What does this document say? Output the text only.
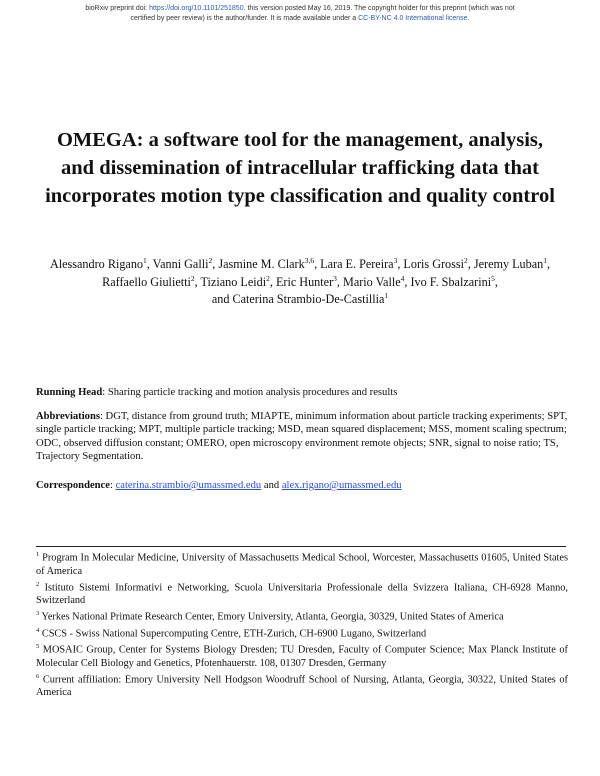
bioRxiv preprint doi: https://doi.org/10.1101/251850. this version posted May 16, 2019. The copyright holder for this preprint (which was not
certified by peer review) is the author/funder. It is made available under a CC-BY-NC 4.0 International license.
OMEGA: a software tool for the management, analysis, and dissemination of intracellular trafficking data that incorporates motion type classification and quality control
Alessandro Rigano$^1$, Vanni Galli$^2$, Jasmine M. Clark$^{3,6}$, Lara E. Pereira$^3$, Loris Grossi$^2$, Jeremy Luban$^1$, Raffaello Giulietti$^2$, Tiziano Leidi$^2$, Eric Hunter$^3$, Mario Valle$^4$, Ivo F. Sbalzarini$^5$,
and Caterina Strambio-De-Castillia$^1$
Running Head: Sharing particle tracking and motion analysis procedures and results
Abbreviations: DGT, distance from ground truth; MIAPTE, minimum information about particle tracking experiments; SPT, single particle tracking; MPT, multiple particle tracking; MSD, mean squared displacement; MSS, moment scaling spectrum; ODC, observed diffusion constant; OMERO, open microscopy environment remote objects; SNR, signal to noise ratio; TS, Trajectory Segmentation.
Correspondence: caterina.strambio@umassmed.edu and alex.rigano@umassmed.edu

$^1$ Program In Molecular Medicine, University of Massachusetts Medical School, Worcester, Massachusetts 01605, United States of America

$^2$ Istituto Sistemi Informativi e Networking, Scuola Universitaria Professionale della Svizzera Italiana, CH-6928 Manno, Switzerland

$^3$ Yerkes National Primate Research Center, Emory University, Atlanta, Georgia, 30329, United States of America

$^4$ CSCS - Swiss National Supercomputing Centre, ETH-Zurich, CH-6900 Lugano, Switzerland

$^5$ MOSAIC Group, Center for Systems Biology Dresden; TU Dresden, Faculty of Computer Science; Max Planck Institute of Molecular Cell Biology and Genetics, Pfotenhauerstr. 108, 01307 Dresden, Germany

$^6$ Current affiliation: Emory University Nell Hodgson Woodruff School of Nursing, Atlanta, Georgia, 30322, United States of America
